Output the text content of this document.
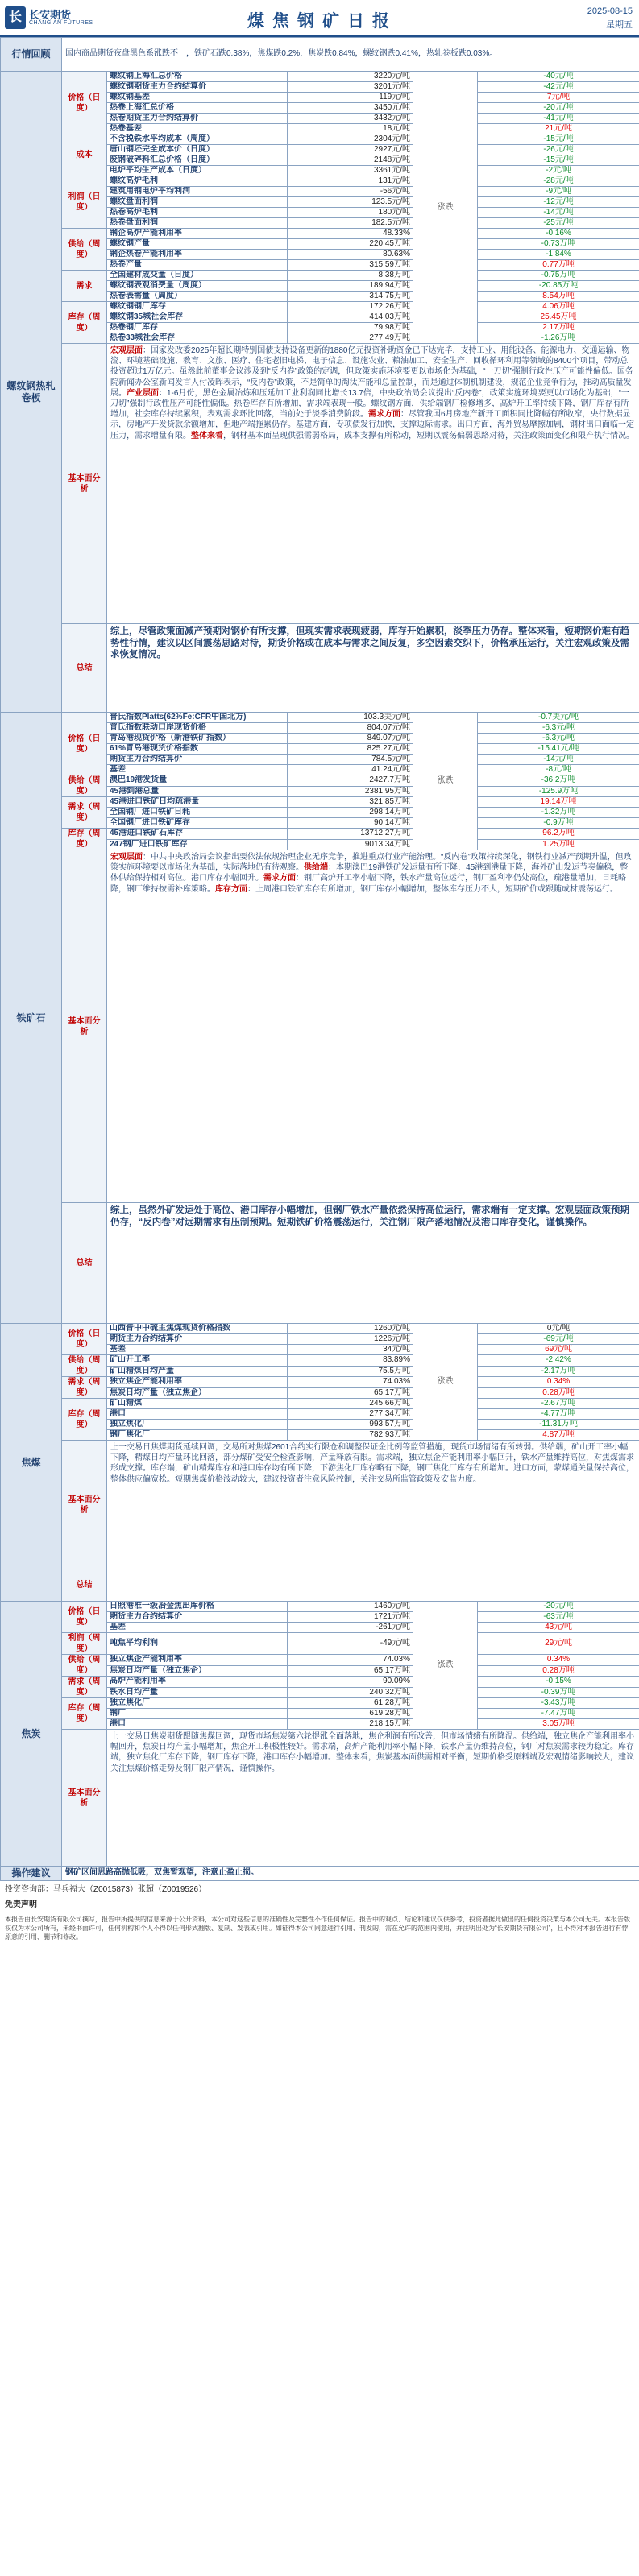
长 长安期货
CHANG AN FUTURES	煤焦钢矿日报	2025-08-15
星期五
行情回顾	国内商品期货夜盘黑色系涨跌不一，铁矿石跌0.38%，焦煤跌0.2%，焦炭跌0.84%，螺纹钢跌0.41%，热轧卷板跌0.03%。				
螺纹钢热轧卷板	价格（日度）	螺纹钢上海汇总价格	3220元/吨	涨跌	-40元/吨
		螺纹钢期货主力合约结算价	3201元/吨		-42元/吨
		螺纹钢基差	119元/吨		7元/吨
		热卷上海汇总价格	3450元/吨		-20元/吨
		热卷期货主力合约结算价	3432元/吨		-41元/吨
		热卷基差	18元/吨		21元/吨
	成本	不含税铁水平均成本（周度）	2304元/吨		-15元/吨
		唐山钢坯完全成本价（日度）	2927元/吨		-26元/吨
		废钢破碎料汇总价格（日度）	2148元/吨		-15元/吨
		电炉平均生产成本（日度）	3361元/吨		-2元/吨
	利润（日度）	螺纹高炉毛利	131元/吨		-28元/吨
		建筑用钢电炉平均利润	-56元/吨		-9元/吨
		螺纹盘面利润	123.5元/吨		-12元/吨
		热卷高炉毛利	180元/吨		-14元/吨
		热卷盘面利润	182.5元/吨		-25元/吨
	供给（周度）	钢企高炉产能利用率	48.33%		-0.16%
		螺纹钢产量	220.45万吨		-0.73万吨
		钢企热卷产能利用率	80.63%		-1.84%
		热卷产量	315.59万吨		0.77万吨
	需求	全国建材成交量（日度）	8.38万吨		-0.75万吨
		螺纹钢表观消费量（周度）	189.94万吨		-20.85万吨
		热卷表需量（周度）	314.75万吨		8.54万吨
	库存（周度）	螺纹钢钢厂库存	172.26万吨		4.06万吨
		螺纹钢35城社会库存	414.03万吨		25.45万吨
		热卷钢厂库存	79.98万吨		2.17万吨
		热卷33城社会库存	277.49万吨		-1.26万吨
	基本面分析	宏观层面：国家发改委2025年超长期特别国债支持设备更新的1880亿元投资补助资金已下达完毕，支持工业、用能设备、能源电力、交通运输、物流、环境基础设施、教育、文旅、医疗、住宅老旧电梯、电子信息、设施农业、粮油加工、安全生产、回收循环利用等领域的8400个项目，带动总投资超过1万亿元。虽然此前董事会议涉及到“反内卷”政策的定调，但政策实施环境要更以市场化为基础，“一刀切”强制行政性压产可能性偏低。国务院新闻办公室新闻发言人付凌晖表示，“反内卷”政策，不是简单的淘汰产能和总量控制，而是通过体制机制建设，规范企业竞争行为，推动高质量发展。产业层面：1-6月份，黑色金属冶炼和压延加工业利润同比增长13.7倍，中央政治局会议提出“反内卷”，政策实施环境要更以市场化为基础，“一刀切”强制行政性压产可能性偏低。热卷库存有所增加，需求端表现一般。螺纹钢方面，供给端钢厂检修增多，高炉开工率持续下降，钢厂库存有所增加，社会库存持续累积，表观需求环比回落，当前处于淡季消费阶段。需求方面：尽管我国6月房地产新开工面积同比降幅有所收窄，央行数据显示，房地产开发贷款余额增加，但地产端拖累仍存。基建方面，专项债发行加快，支撑边际需求。出口方面，海外贸易摩擦加剧，钢材出口面临一定压力，需求增量有限。整体来看，钢材基本面呈现供强需弱格局，成本支撑有所松动，短期以震荡偏弱思路对待，关注政策面变化和限产执行情况。			
	总结	综上，尽管政策面减产预期对钢价有所支撑，但现实需求表现疲弱，库存开始累积，淡季压力仍存。整体来看，短期钢价难有趋势性行情，建议以区间震荡思路对待，期货价格或在成本与需求之间反复，多空因素交织下，价格承压运行，关注宏观政策及需求恢复情况。			
铁矿石	价格（日度）	普氏指数Platts(62%Fe:CFR中国北方)	103.3美元/吨	涨跌	-0.7美元/吨
		普氏指数联动口岸现货价格	804.07元/吨		-6.3元/吨
		青岛港现货价格（新港铁矿指数）	849.07元/吨		-6.3元/吨
		61%青岛港现货价格指数	825.27元/吨		-15.41元/吨
		期货主力合约结算价	784.5元/吨		-14元/吨
		基差	41.24元/吨		-8元/吨
	供给（周度）	澳巴19港发货量	2427.7万吨		-36.2万吨
		45港到港总量	2381.95万吨		-125.9万吨
	需求（周度）	45港进口铁矿日均疏港量	321.85万吨		19.14万吨
		全国钢厂进口铁矿日耗	298.14万吨		-1.32万吨
		全国钢厂进口铁矿库存	90.14万吨		-0.9万吨
	库存（周度）	45港进口铁矿石库存	13712.27万吨		96.2万吨
		247钢厂进口铁矿库存	9013.34万吨		1.25万吨
	基本面分析	宏观层面：中共中央政治局会议指出要依法依规治理企业无序竞争，推进重点行业产能治理。“反内卷”政策持续深化，钢铁行业减产预期升温，但政策实施环境要以市场化为基础，实际落地仍有待观察。供给端：本期澳巴19港铁矿发运量有所下降，45港到港量下降，海外矿山发运节奏偏稳，整体供给保持相对高位。港口库存小幅回升。需求方面：钢厂高炉开工率小幅下降，铁水产量高位运行，钢厂盈利率仍处高位，疏港量增加，日耗略降，钢厂维持按需补库策略。库存方面：上周港口铁矿库存有所增加，钢厂库存小幅增加，整体库存压力不大，短期矿价或跟随成材震荡运行。			
	总结	综上，虽然外矿发运处于高位、港口库存小幅增加，但钢厂铁水产量依然保持高位运行，需求端有一定支撑。宏观层面政策预期仍存，“反内卷”对远期需求有压制预期。短期铁矿价格震荡运行，关注钢厂限产落地情况及港口库存变化，谨慎操作。			
焦煤	价格（日度）	山西晋中中硫主焦煤现货价格指数	1260元/吨	涨跌	0元/吨
		期货主力合约结算价	1226元/吨		-69元/吨
		基差	34元/吨		69元/吨
	供给（周度）	矿山开工率	83.89%		-2.42%
		矿山精煤日均产量	75.5万吨		-2.17万吨
	需求（周度）	独立焦企产能利用率	74.03%		0.34%
		焦炭日均产量（独立焦企）	65.17万吨		0.28万吨
	库存（周度）	矿山精煤	245.66万吨		-2.67万吨
		港口	277.34万吨		-4.77万吨
		独立焦化厂	993.57万吨		-11.31万吨
		钢厂焦化厂	782.93万吨		4.87万吨
	基本面分析	上一交易日焦煤期货延续回调，交易所对焦煤2601合约实行限仓和调整保证金比例等监管措施，现货市场情绪有所转弱。供给端，矿山开工率小幅下降，精煤日均产量环比回落，部分煤矿受安全检查影响，产量释放有限。需求端，独立焦企产能利用率小幅回升，铁水产量维持高位，对焦煤需求形成支撑。库存端，矿山精煤库存和港口库存均有所下降，下游焦化厂库存略有下降，钢厂焦化厂库存有所增加。进口方面，蒙煤通关量保持高位，整体供应偏宽松。短期焦煤价格波动较大，建议投资者注意风险控制，关注交易所监管政策及安监力度。			
	总结				
焦炭	价格（日度）	日照港准一级冶金焦出库价格	1460元/吨	涨跌	-20元/吨
		期货主力合约结算价	1721元/吨		-63元/吨
		基差	-261元/吨		43元/吨
	利润（周度）	吨焦平均利润	-49元/吨		29元/吨
	供给（周度）	独立焦企产能利用率	74.03%		0.34%
		焦炭日均产量（独立焦企）	65.17万吨		0.28万吨
	需求（周度）	高炉产能利用率	90.09%		-0.15%
		铁水日均产量	240.32万吨		-0.39万吨
	库存（周度）	独立焦化厂	61.28万吨		-3.43万吨
		钢厂	619.28万吨		-7.47万吨
		港口	218.15万吨		3.05万吨
	基本面分析	上一交易日焦炭期货跟随焦煤回调，现货市场焦炭第六轮提涨全面落地，焦企利润有所改善，但市场情绪有所降温。供给端，独立焦企产能利用率小幅回升，焦炭日均产量小幅增加，焦企开工积极性较好。需求端，高炉产能利用率小幅下降，铁水产量仍维持高位，钢厂对焦炭需求较为稳定。库存端，独立焦化厂库存下降，钢厂库存下降，港口库存小幅增加。整体来看，焦炭基本面供需相对平衡，短期价格受原料端及宏观情绪影响较大，建议关注焦煤价格走势及钢厂限产情况，谨慎操作。			
操作建议	钢矿区间思路高抛低吸，双焦暂观望，注意止盈止损。				
投资咨询部：马兵福大（Z0015873）张超（Z0019526）
免责声明
本报告由长安期货有限公司撰写，报告中所提供的信息来源于公开资料，本公司对这些信息的准确性及完整性不作任何保证。报告中的观点、结论和建议仅供参考，投资者据此做出的任何投资决策与本公司无关。本报告版权仅为本公司所有，未经书面许可，任何机构和个人不得以任何形式翻版、复制、发表或引用。如征得本公司同意进行引用、刊发的，需在允许的范围内使用，并注明出处为“长安期货有限公司”，且不得对本报告进行有悖原意的引用、删节和修改。
